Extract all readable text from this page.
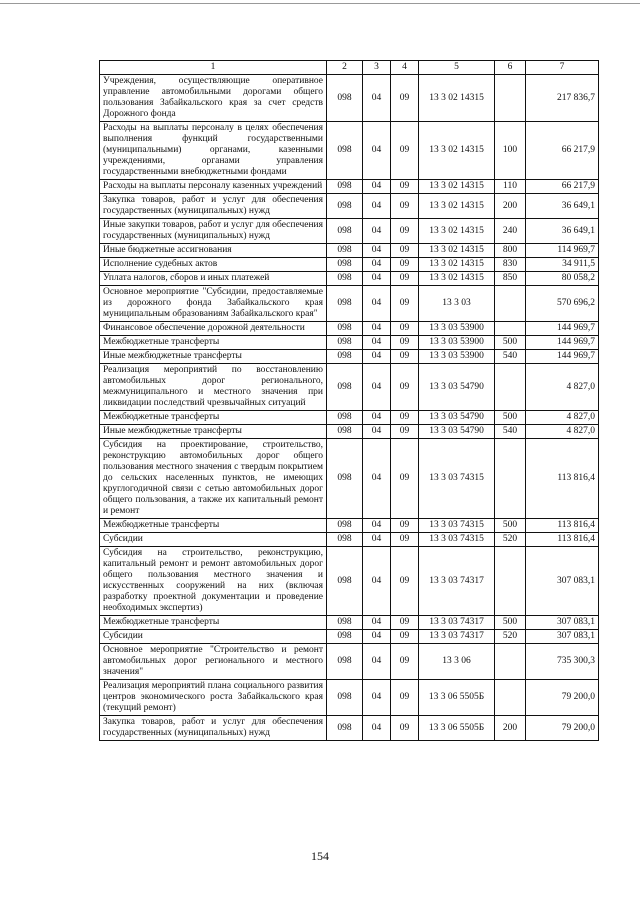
1	2	3	4	5	6	7
Учреждения, осуществляющие оперативное управление автомобильными дорогами общего пользования Забайкальского края за счет средств Дорожного фонда	098	04	09	13 3 02 14315		217 836,7
Расходы на выплаты персоналу в целях обеспечения выполнения функций государственными (муниципальными) органами, казенными учреждениями, органами управления государственными внебюджетными фондами	098	04	09	13 3 02 14315	100	66 217,9
Расходы на выплаты персоналу казенных учреждений	098	04	09	13 3 02 14315	110	66 217,9
Закупка товаров, работ и услуг для обеспечения государственных (муниципальных) нужд	098	04	09	13 3 02 14315	200	36 649,1
Иные закупки товаров, работ и услуг для обеспечения государственных (муниципальных) нужд	098	04	09	13 3 02 14315	240	36 649,1
Иные бюджетные ассигнования	098	04	09	13 3 02 14315	800	114 969,7
Исполнение судебных актов	098	04	09	13 3 02 14315	830	34 911,5
Уплата налогов, сборов и иных платежей	098	04	09	13 3 02 14315	850	80 058,2
Основное мероприятие "Субсидии, предоставляемые из дорожного фонда Забайкальского края муниципальным образованиям Забайкальского края"	098	04	09	13 3 03		570 696,2
Финансовое обеспечение дорожной деятельности	098	04	09	13 3 03 53900		144 969,7
Межбюджетные трансферты	098	04	09	13 3 03 53900	500	144 969,7
Иные межбюджетные трансферты	098	04	09	13 3 03 53900	540	144 969,7
Реализация мероприятий по восстановлению автомобильных дорог регионального, межмуниципального и местного значения при ликвидации последствий чрезвычайных ситуаций	098	04	09	13 3 03 54790		4 827,0
Межбюджетные трансферты	098	04	09	13 3 03 54790	500	4 827,0
Иные межбюджетные трансферты	098	04	09	13 3 03 54790	540	4 827,0
Субсидия на проектирование, строительство, реконструкцию автомобильных дорог общего пользования местного значения с твердым покрытием до сельских населенных пунктов, не имеющих круглогодичной связи с сетью автомобильных дорог общего пользования, а также их капитальный ремонт и ремонт	098	04	09	13 3 03 74315		113 816,4
Межбюджетные трансферты	098	04	09	13 3 03 74315	500	113 816,4
Субсидии	098	04	09	13 3 03 74315	520	113 816,4
Субсидия на строительство, реконструкцию, капитальный ремонт и ремонт автомобильных дорог общего пользования местного значения и искусственных сооружений на них (включая разработку проектной документации и проведение необходимых экспертиз)	098	04	09	13 3 03 74317		307 083,1
Межбюджетные трансферты	098	04	09	13 3 03 74317	500	307 083,1
Субсидии	098	04	09	13 3 03 74317	520	307 083,1
Основное мероприятие "Строительство и ремонт автомобильных дорог регионального и местного значения"	098	04	09	13 3 06		735 300,3
Реализация мероприятий плана социального развития центров экономического роста Забайкальского края (текущий ремонт)	098	04	09	13 3 06 5505Б		79 200,0
Закупка товаров, работ и услуг для обеспечения государственных (муниципальных) нужд	098	04	09	13 3 06 5505Б	200	79 200,0
154
